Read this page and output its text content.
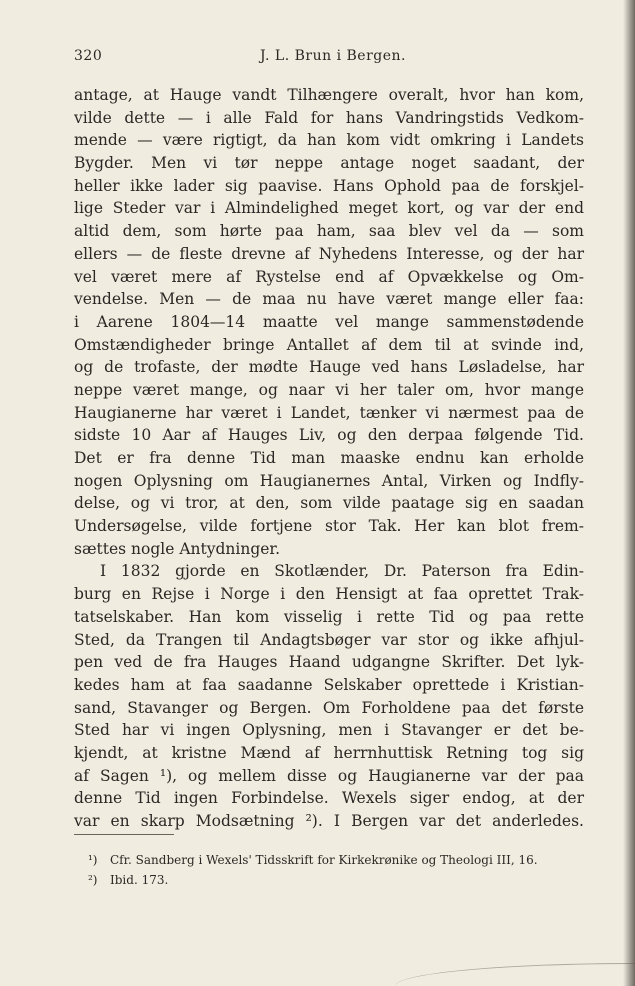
320	J. L. Brun i Bergen.
antage, at Hauge vandt Tilhængere overalt, hvor han kom,
vilde dette — i alle Fald for hans Vandringstids Vedkom-
mende — være rigtigt, da han kom vidt omkring i Landets
Bygder. Men vi tør neppe antage noget saadant, der
heller ikke lader sig paavise. Hans Ophold paa de forskjel-
lige Steder var i Almindelighed meget kort, og var der end
altid dem, som hørte paa ham, saa blev vel da — som
ellers — de fleste drevne af Nyhedens Interesse, og der har
vel været mere af Rystelse end af Opvækkelse og Om-
vendelse. Men — de maa nu have været mange eller faa:
i Aarene 1804—14 maatte vel mange sammenstødende
Omstændigheder bringe Antallet af dem til at svinde ind,
og de trofaste, der mødte Hauge ved hans Løsladelse, har
neppe været mange, og naar vi her taler om, hvor mange
Haugianerne har været i Landet, tænker vi nærmest paa de
sidste 10 Aar af Hauges Liv, og den derpaa følgende Tid.
Det er fra denne Tid man maaske endnu kan erholde
nogen Oplysning om Haugianernes Antal, Virken og Indfly-
delse, og vi tror, at den, som vilde paatage sig en saadan
Undersøgelse, vilde fortjene stor Tak. Her kan blot frem-
sættes nogle Antydninger.
I 1832 gjorde en Skotlænder, Dr. Paterson fra Edin-
burg en Rejse i Norge i den Hensigt at faa oprettet Trak-
tatselskaber. Han kom visselig i rette Tid og paa rette
Sted, da Trangen til Andagtsbøger var stor og ikke afhjul-
pen ved de fra Hauges Haand udgangne Skrifter. Det lyk-
kedes ham at faa saadanne Selskaber oprettede i Kristian-
sand, Stavanger og Bergen. Om Forholdene paa det første
Sted har vi ingen Oplysning, men i Stavanger er det be-
kjendt, at kristne Mænd af herrnhuttisk Retning tog sig
af Sagen ¹), og mellem disse og Haugianerne var der paa
denne Tid ingen Forbindelse. Wexels siger endog, at der
var en skarp Modsætning ²). I Bergen var det anderledes.
¹) Cfr. Sandberg i Wexels' Tidsskrift for Kirkekrønike og Theologi III, 16.
²) Ibid. 173.
